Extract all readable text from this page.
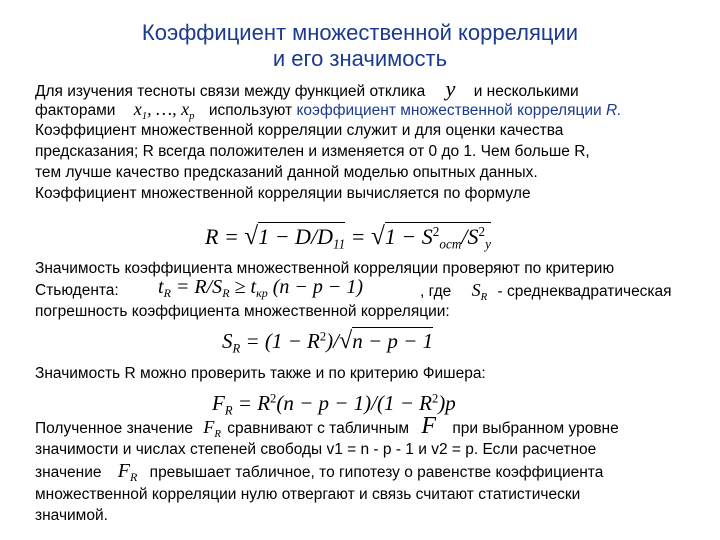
Коэффициент множественной корреляции
и его значимость
Для изучения тесноты связи между функцией отклика y и несколькими
факторами $x_1$, …, $x_p$ используют коэффициент множественной корреляции R.
Коэффициент множественной корреляции служит и для оценки качества
предсказания; R всегда положителен и изменяется от 0 до 1. Чем больше R,
тем лучше качество предсказаний данной моделью опытных данных.
Коэффициент множественной корреляции вычисляется по формуле
$R = √1 - D/D_{11} = √1 - S^2_{ост}/S^2_y$
Значимость коэффициента множественной корреляции проверяют по критерию
Стьюдента: $t_R = R/S_R \ge t_{кр}$ (n − p − 1)	, где $S_R$ - среднеквадратическая
погрешность коэффициента множественной корреляции:
$S_R = (1 - R^2)/√n - p - 1$
Значимость R можно проверить также и по критерию Фишера:
$F_R = R^2(n - p - 1)/(1 - R^2)p$
Полученное значение $F_R$ сравнивают с табличным F при выбранном уровне
значимости и числах степеней свободы v1 = n - p - 1 и v2 = p. Если расчетное
значение $F_R$ превышает табличное, то гипотезу о равенстве коэффициента
множественной корреляции нулю отвергают и связь считают статистически
значимой.
